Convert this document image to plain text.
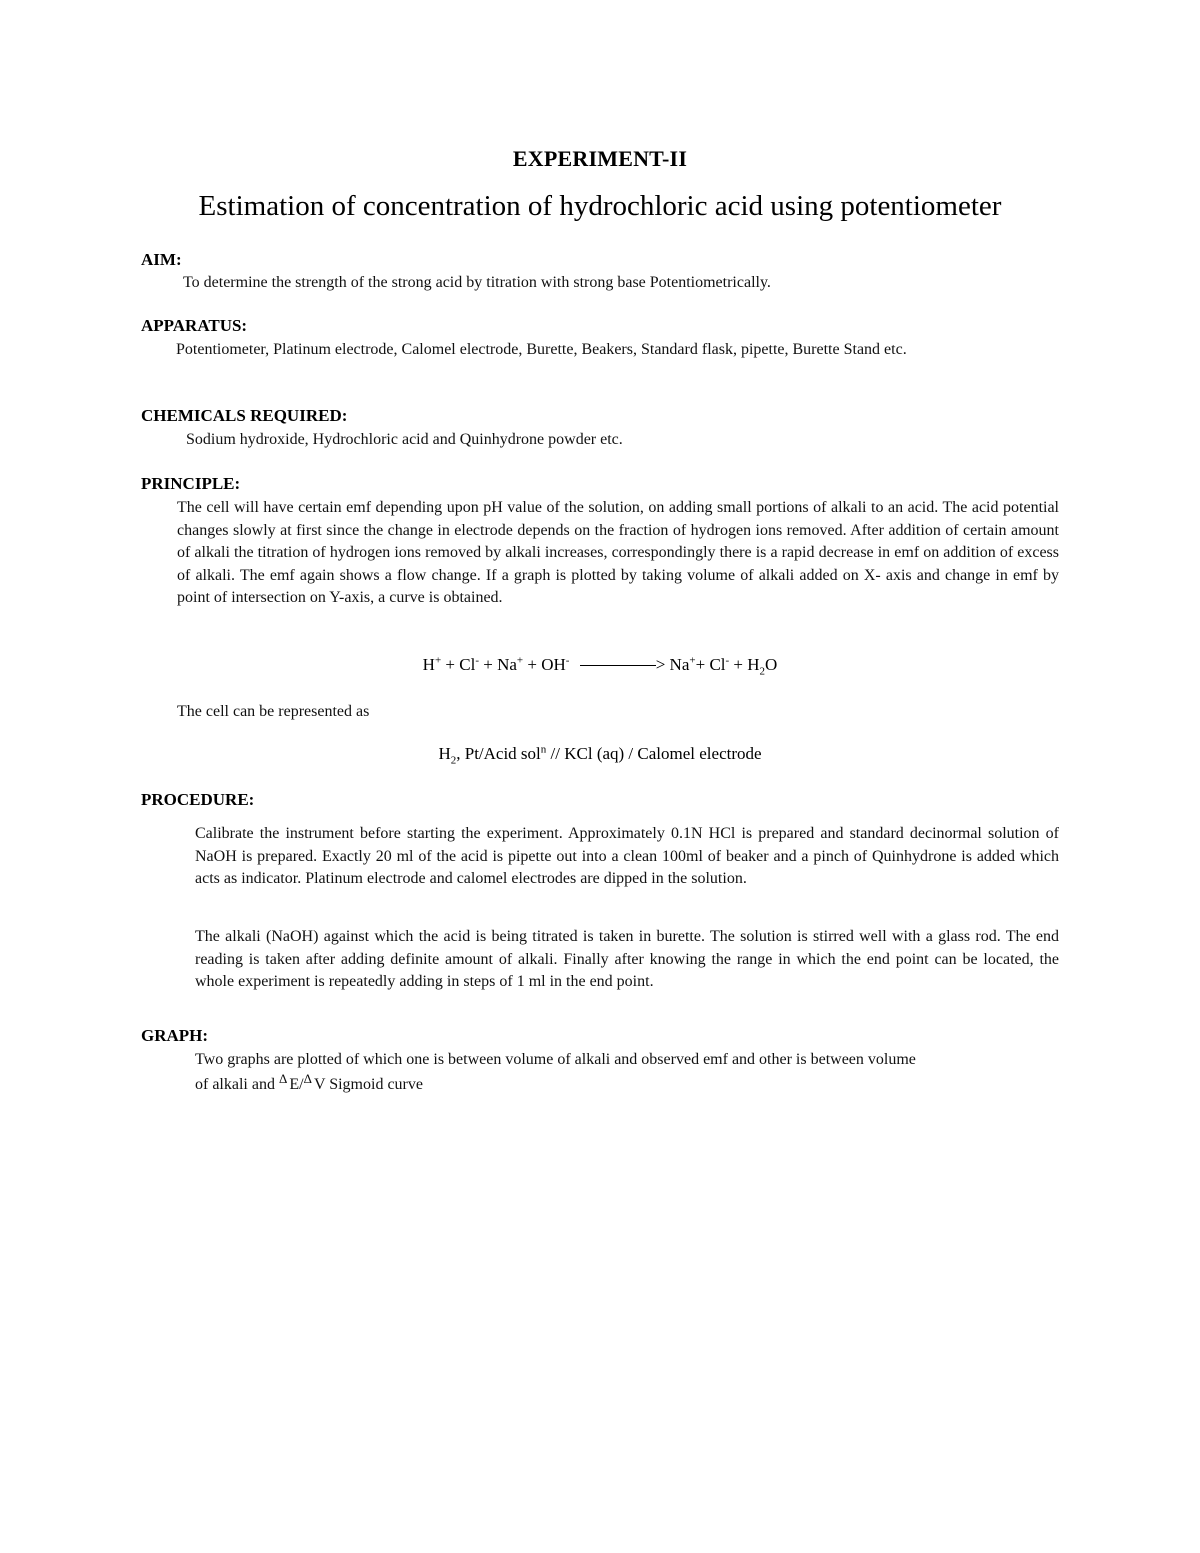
EXPERIMENT-II
Estimation of concentration of hydrochloric acid using potentiometer
AIM:
To determine the strength of the strong acid by titration with strong base Potentiometrically.
APPARATUS:
Potentiometer, Platinum electrode, Calomel electrode, Burette, Beakers, Standard flask, pipette, Burette Stand etc.
CHEMICALS REQUIRED:
Sodium hydroxide, Hydrochloric acid and Quinhydrone powder etc.
PRINCIPLE:
The cell will have certain emf depending upon pH value of the solution, on adding small portions of alkali to an acid. The acid potential changes slowly at first since the change in electrode depends on the fraction of hydrogen ions removed. After addition of certain amount of alkali the titration of hydrogen ions removed by alkali increases, correspondingly there is a rapid decrease in emf on addition of excess of alkali. The emf again shows a flow change. If a graph is plotted by taking volume of alkali added on X- axis and change in emf by point of intersection on Y-axis, a curve is obtained.
H+ + Cl- + Na+ + OH-	> $Na^++ Cl^- + H_2O$
The cell can be represented as
$H_2$, Pt/Acid sol$^n$ // KCl (aq) / Calomel electrode
PROCEDURE:
Calibrate the instrument before starting the experiment. Approximately 0.1N HCl is prepared and standard decinormal solution of NaOH is prepared. Exactly 20 ml of the acid is pipette out into a clean 100ml of beaker and a pinch of Quinhydrone is added which acts as indicator. Platinum electrode and calomel electrodes are dipped in the solution.
The alkali (NaOH) against which the acid is being titrated is taken in burette. The solution is stirred well with a glass rod. The end reading is taken after adding definite amount of alkali. Finally after knowing the range in which the end point can be located, the whole experiment is repeatedly adding in steps of 1 ml in the end point.
GRAPH:
Two graphs are plotted of which one is between volume of alkali and observed emf and other is between volume
of alkali and Δ E/Δ V Sigmoid curve
